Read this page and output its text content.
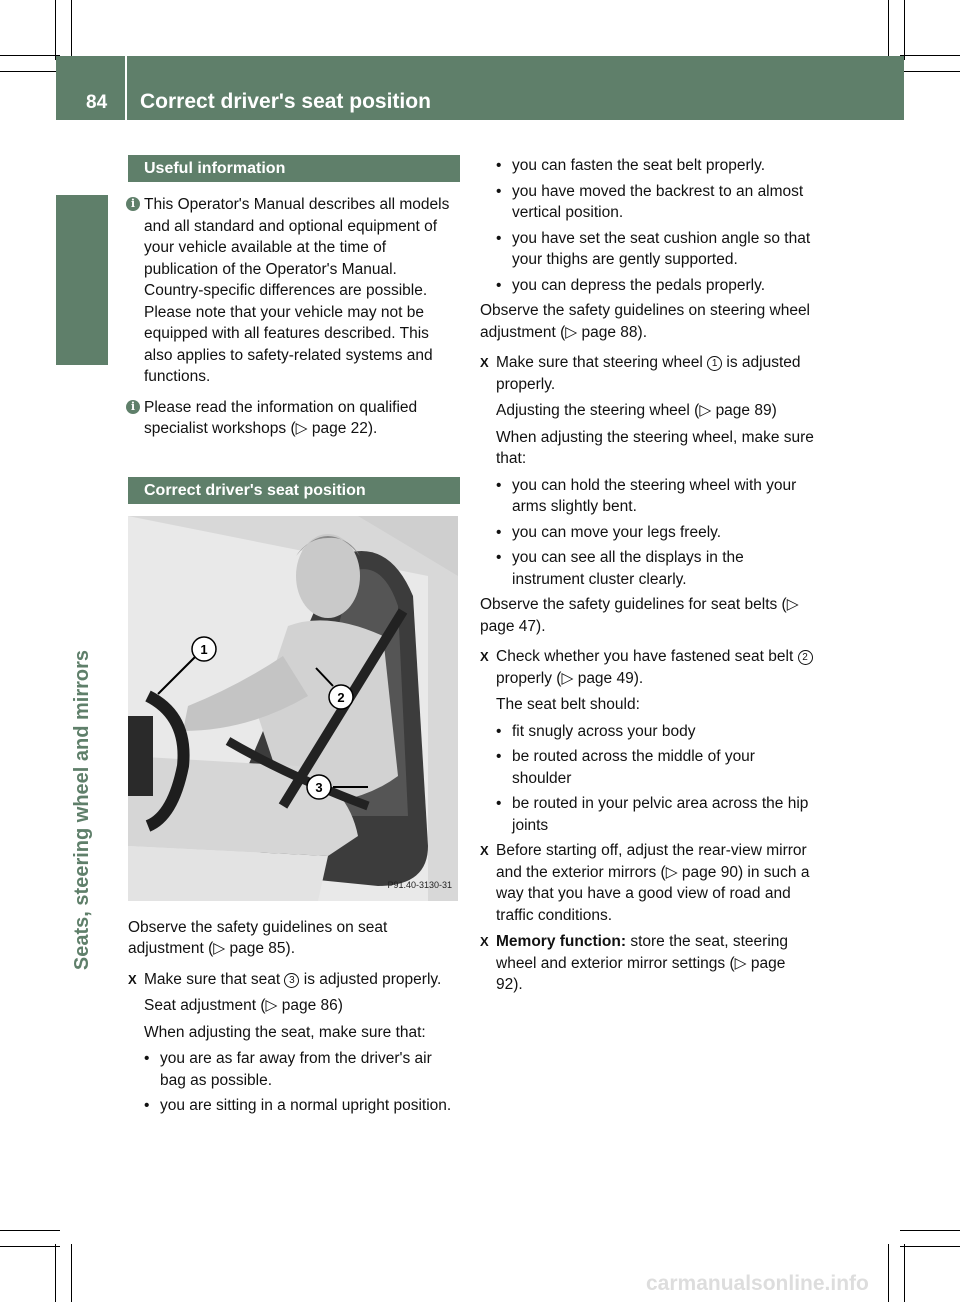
84 Correct driver's seat position
Seats, steering wheel and mirrors
Useful information
i This Operator's Manual describes all models and all standard and optional equipment of your vehicle available at the time of publication of the Operator's Manual. Country-specific differences are possible. Please note that your vehicle may not be equipped with all features described. This also applies to safety-related systems and functions.
i Please read the information on qualified specialist workshops (▷ page 22).
Correct driver's seat position
1
2
3
P91.40-3130-31

Observe the safety guidelines on seat adjustment (▷ page 85).

X Make sure that seat 3 is adjusted properly.

Seat adjustment (▷ page 86)

When adjusting the seat, make sure that:

• you are as far away from the driver's air bag as possible.
• you are sitting in a normal upright position.
• you can fasten the seat belt properly.
• you have moved the backrest to an almost vertical position.
• you have set the seat cushion angle so that your thighs are gently supported.
• you can depress the pedals properly.

Observe the safety guidelines on steering wheel adjustment (▷ page 88).

X Make sure that steering wheel 1 is adjusted properly.

Adjusting the steering wheel (▷ page 89)

When adjusting the steering wheel, make sure that:

• you can hold the steering wheel with your arms slightly bent.
• you can move your legs freely.
• you can see all the displays in the instrument cluster clearly.

Observe the safety guidelines for seat belts (▷ page 47).

X Check whether you have fastened seat belt 2 properly (▷ page 49).

The seat belt should:

• fit snugly across your body
• be routed across the middle of your shoulder
• be routed in your pelvic area across the hip joints
X Before starting off, adjust the rear-view mirror and the exterior mirrors (▷ page 90) in such a way that you have a good view of road and traffic conditions.
X Memory function: store the seat, steering wheel and exterior mirror settings (▷ page 92).
carmanualsonline.info
